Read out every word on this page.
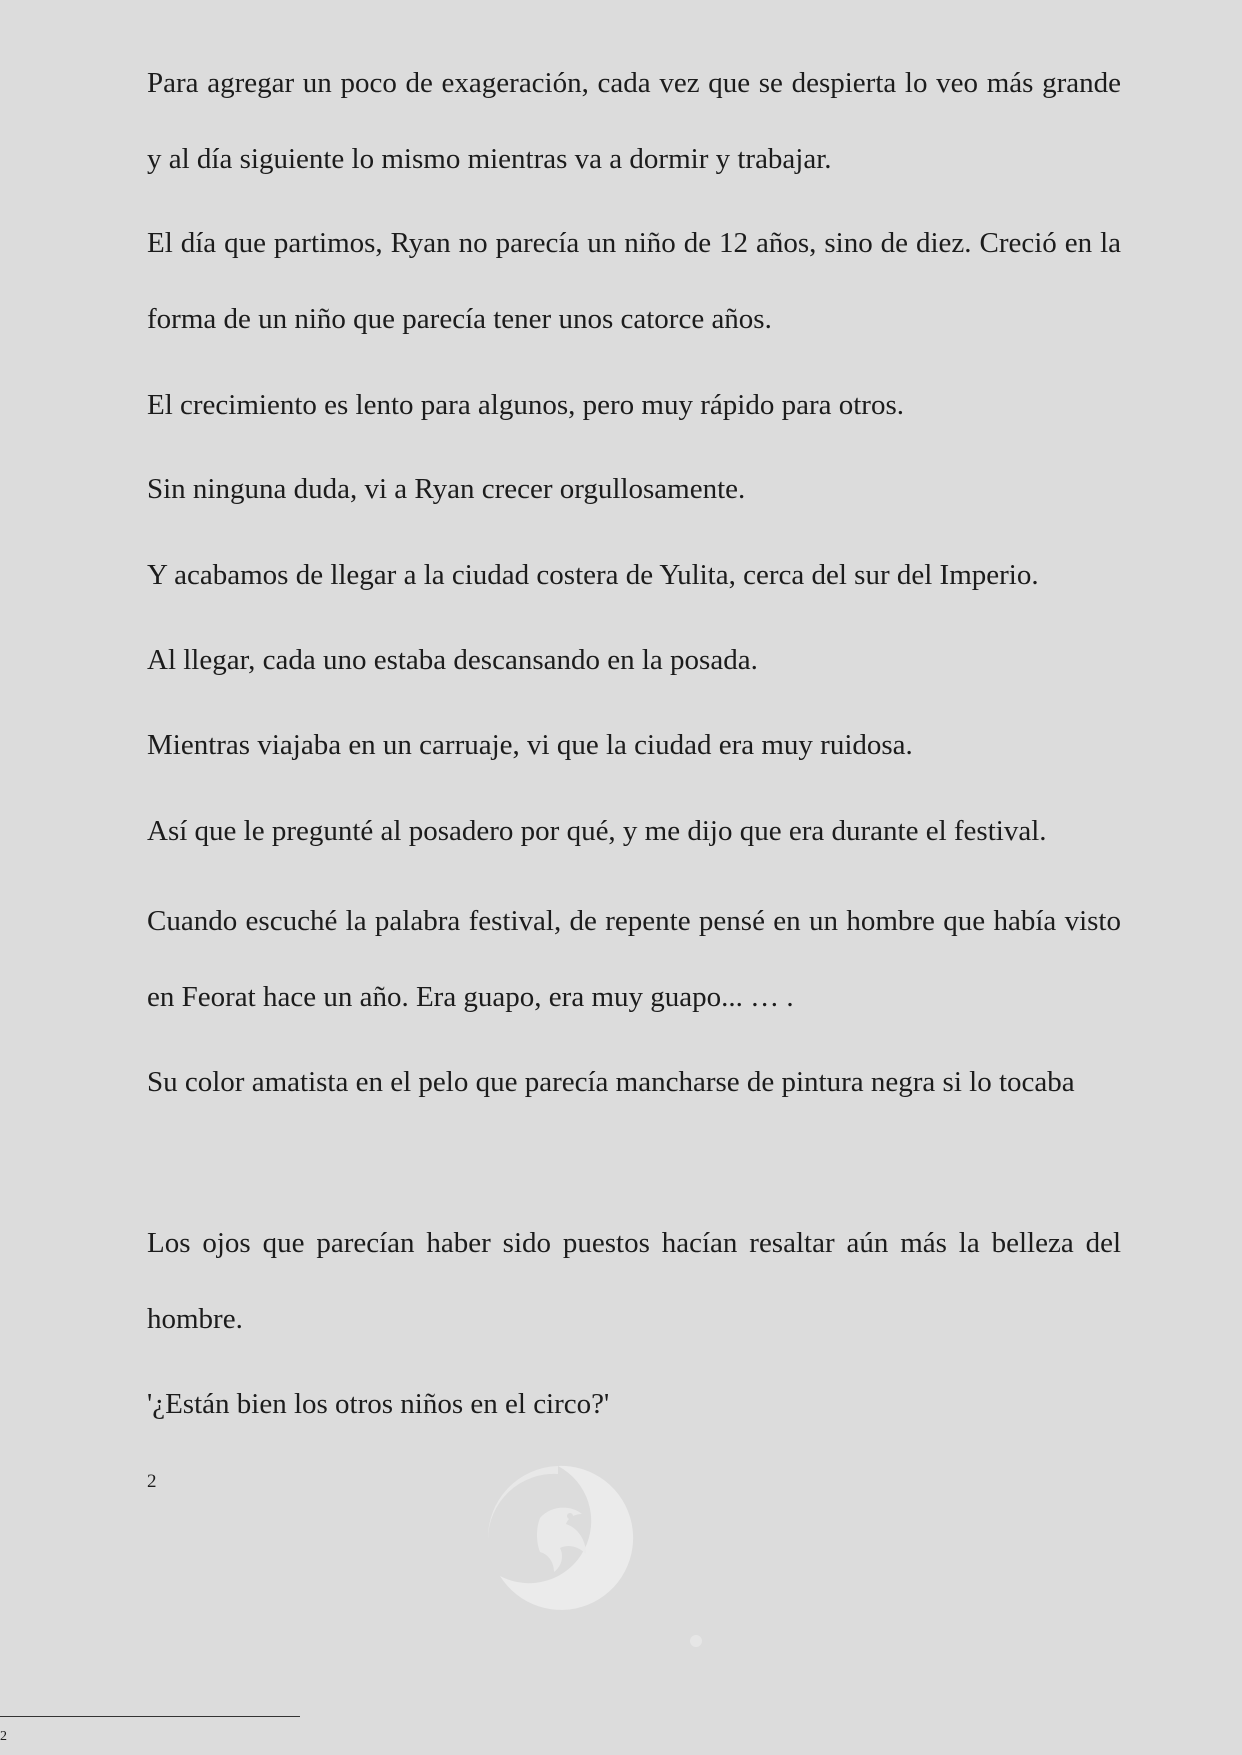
Para agregar un poco de exageración, cada vez que se despierta lo veo más grande y al día siguiente lo mismo mientras va a dormir y trabajar.

El día que partimos, Ryan no parecía un niño de 12 años, sino de diez. Creció en la forma de un niño que parecía tener unos catorce años.

El crecimiento es lento para algunos, pero muy rápido para otros.

Sin ninguna duda, vi a Ryan crecer orgullosamente.

Y acabamos de llegar a la ciudad costera de Yulita, cerca del sur del Imperio.

Al llegar, cada uno estaba descansando en la posada.

Mientras viajaba en un carruaje, vi que la ciudad era muy ruidosa.

Así que le pregunté al posadero por qué, y me dijo que era durante el festival.

Cuando escuché la palabra festival, de repente pensé en un hombre que había visto en Feorat hace un año. Era guapo, era muy guapo... … .

Su color amatista en el pelo que parecía mancharse de pintura negra si lo tocaba

Los ojos que parecían haber sido puestos hacían resaltar aún más la belleza del hombre.

'¿Están bien los otros niños en el circo?'

2
2
